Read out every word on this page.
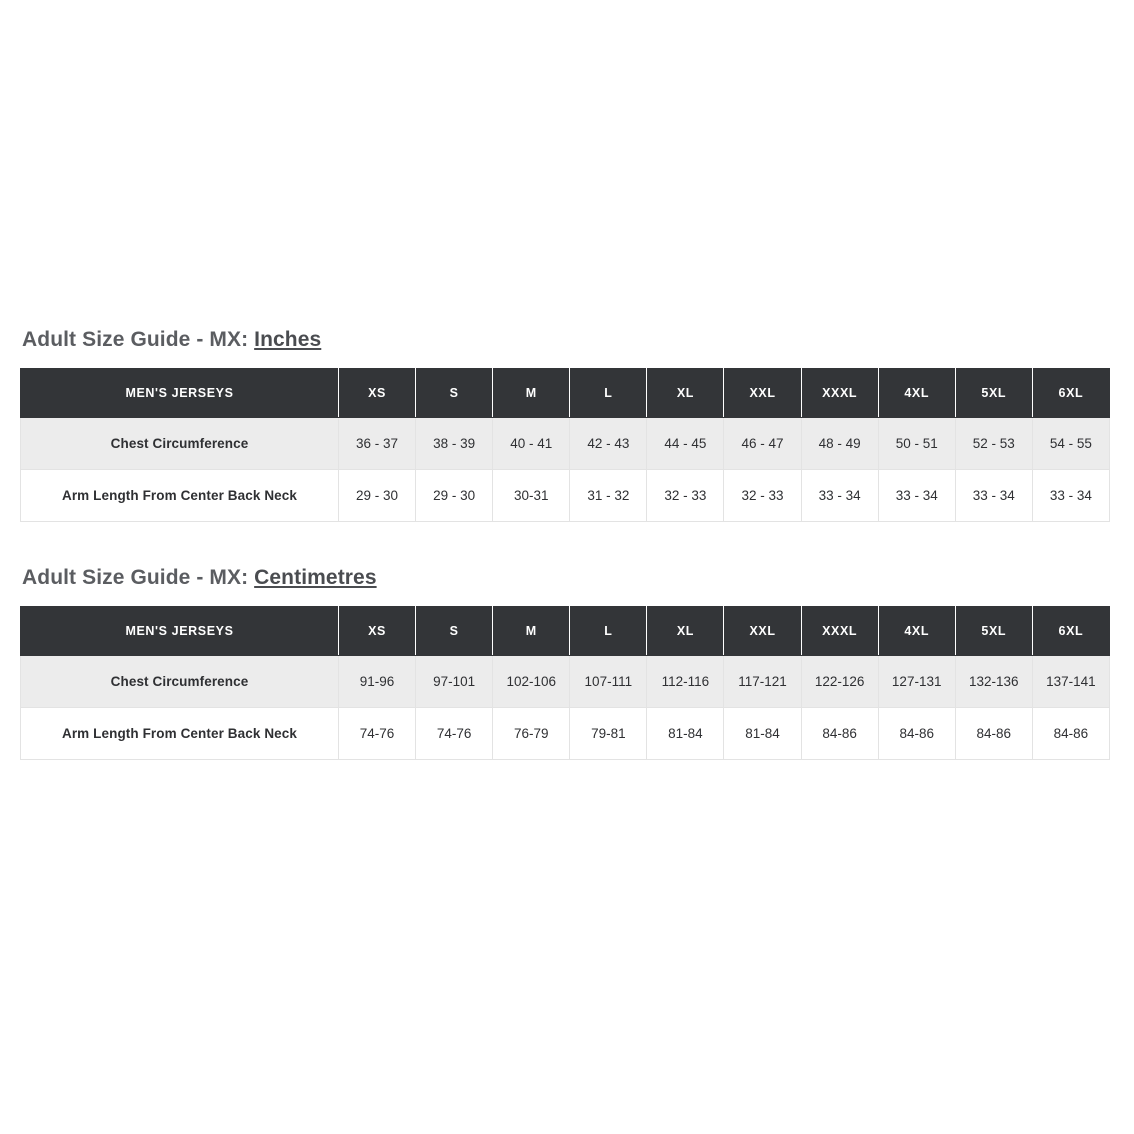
Adult Size Guide - MX: Inches
MEN'S JERSEYS	XS	S	M	L	XL	XXL	XXXL	4XL	5XL	6XL
Chest Circumference	36 - 37	38 - 39	40 - 41	42 - 43	44 - 45	46 - 47	48 - 49	50 - 51	52 - 53	54 - 55
Arm Length From Center Back Neck	29 - 30	29 - 30	30-31	31 - 32	32 - 33	32 - 33	33 - 34	33 - 34	33 - 34	33 - 34
Adult Size Guide - MX: Centimetres
MEN'S JERSEYS	XS	S	M	L	XL	XXL	XXXL	4XL	5XL	6XL
Chest Circumference	91-96	97-101	102-106	107-111	112-116	117-121	122-126	127-131	132-136	137-141
Arm Length From Center Back Neck	74-76	74-76	76-79	79-81	81-84	81-84	84-86	84-86	84-86	84-86
